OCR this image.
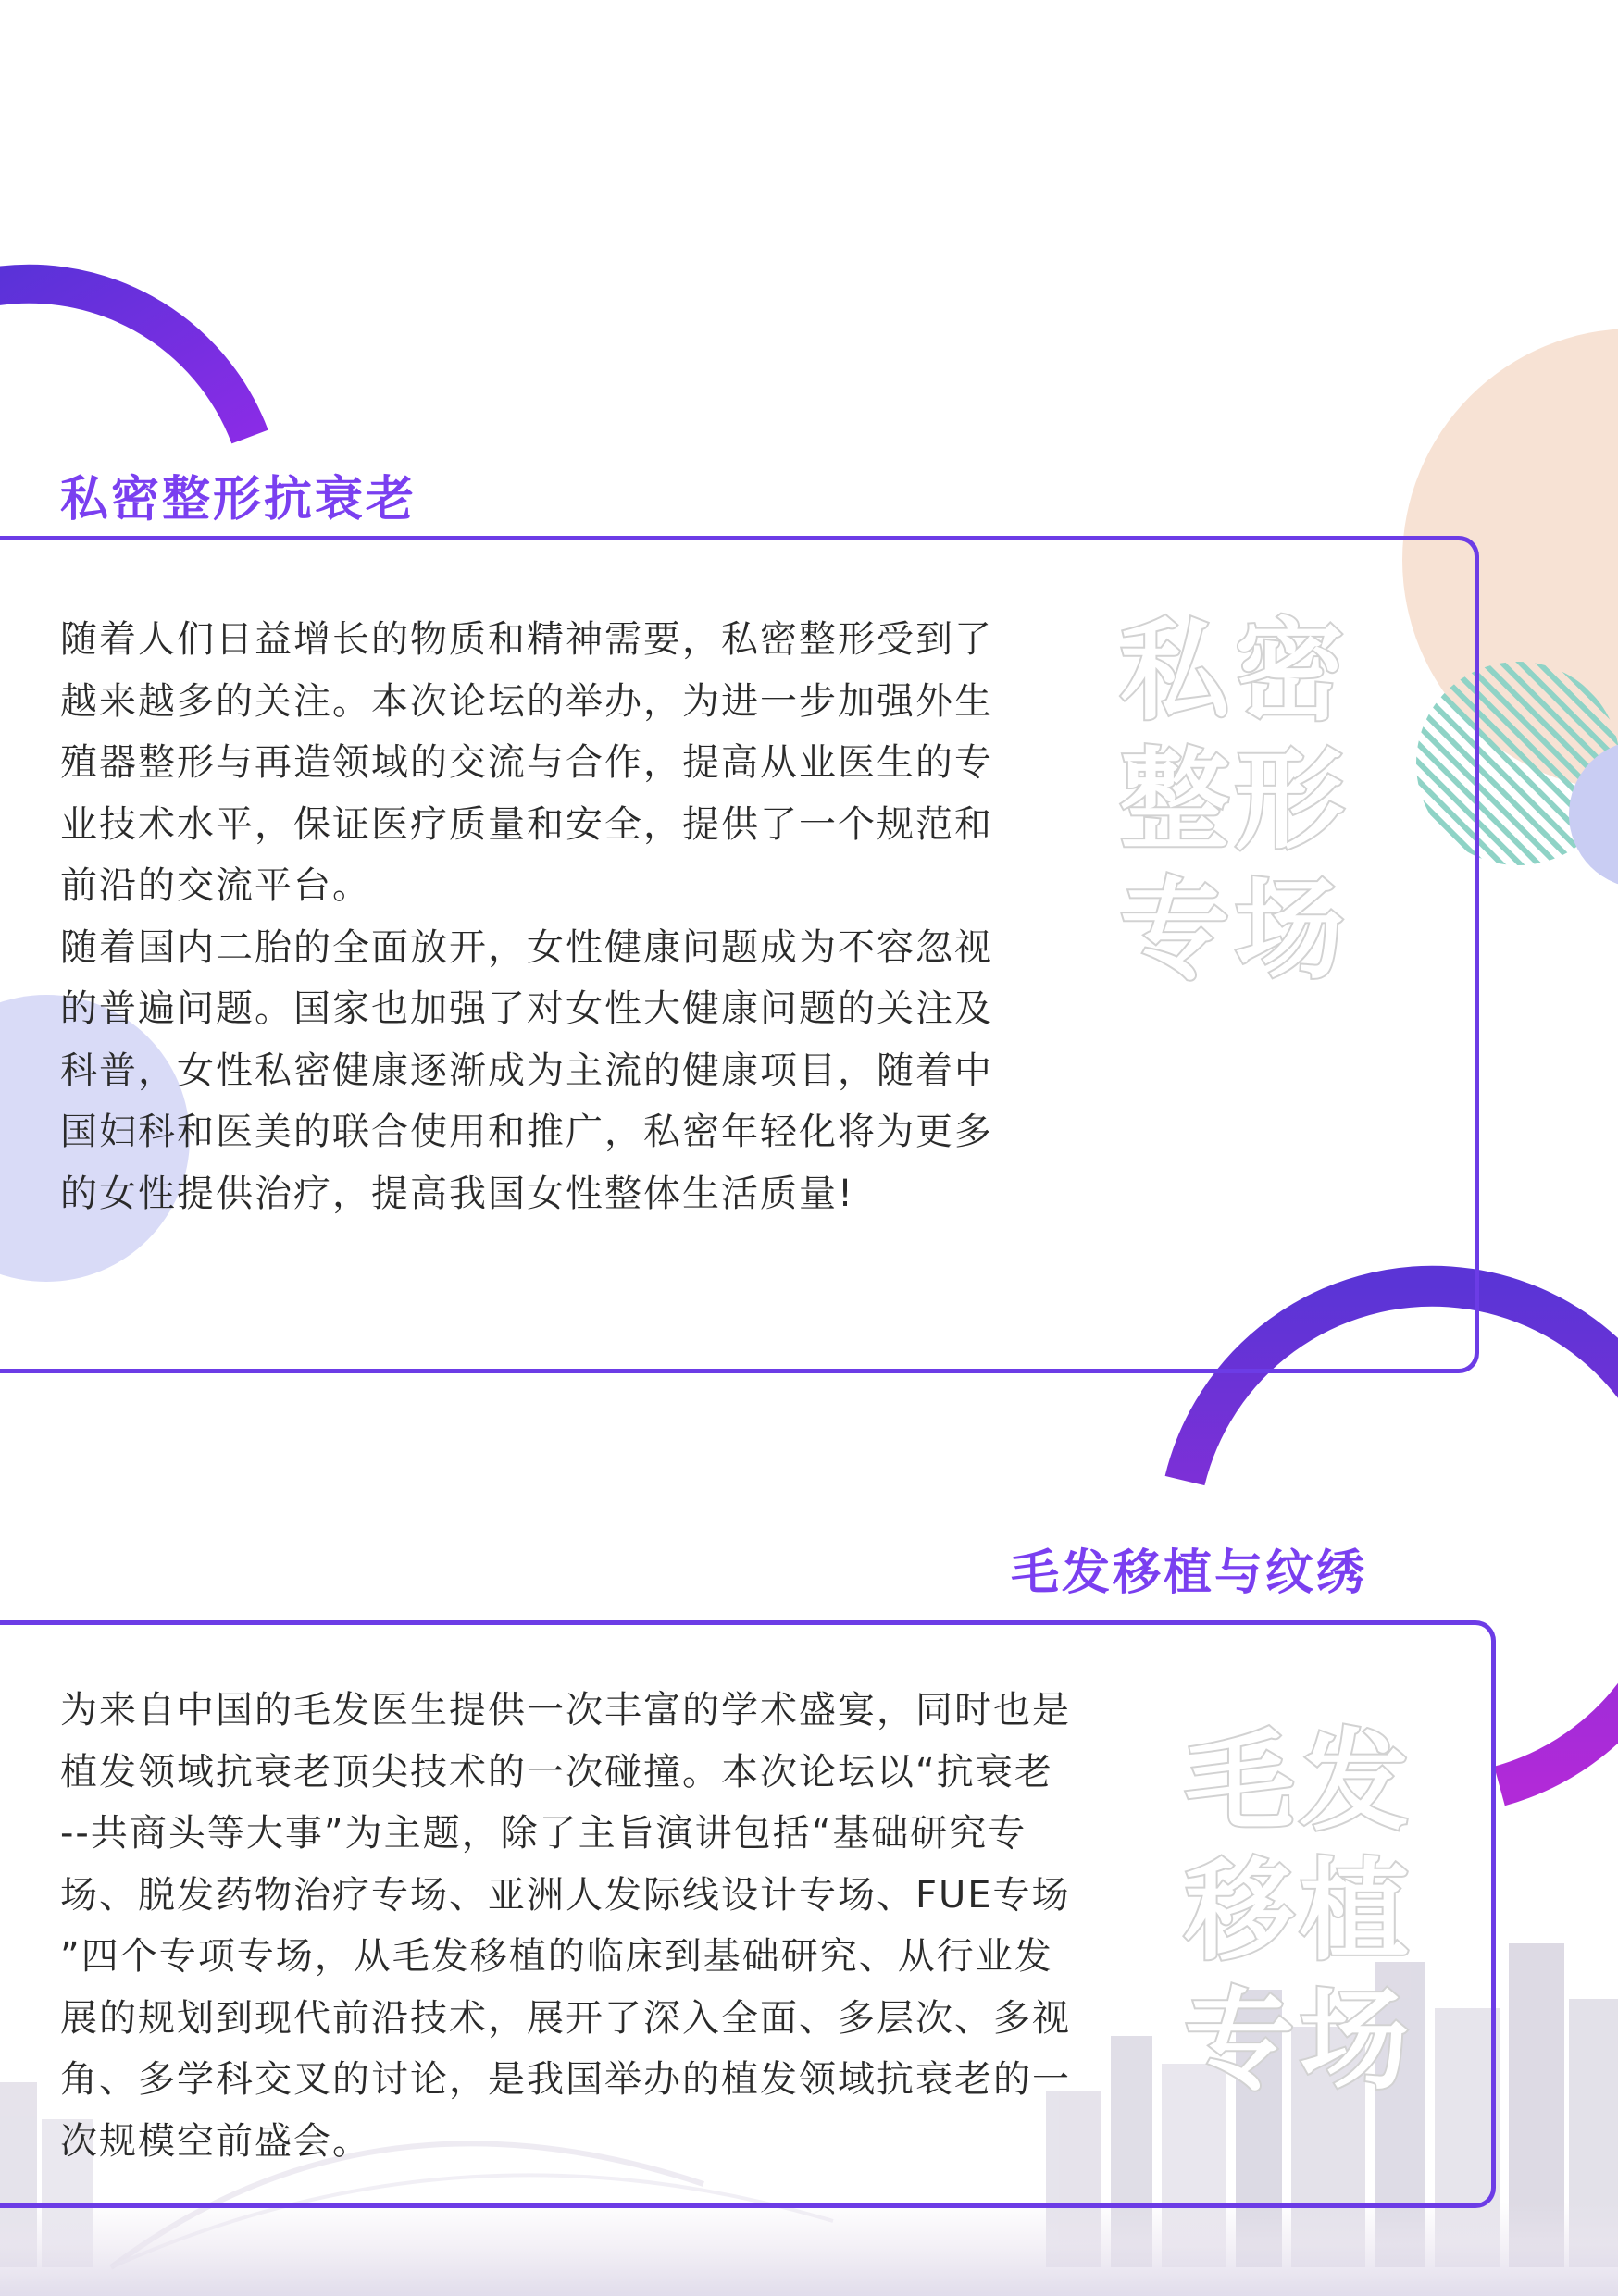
私密整形抗衰老

随着人们日益增长的物质和精神需要，私密整形受到了
越来越多的关注。本次论坛的举办，为进一步加强外生
殖器整形与再造领域的交流与合作，提高从业医生的专
业技术水平，保证医疗质量和安全，提供了一个规范和
前沿的交流平台。

随着国内二胎的全面放开，女性健康问题成为不容忽视
的普遍问题。国家也加强了对女性大健康问题的关注及
科普，女性私密健康逐渐成为主流的健康项目，随着中
国妇科和医美的联合使用和推广，私密年轻化将为更多
的女性提供治疗，提高我国女性整体生活质量!

私密
整形
专场
毛发移植与纹绣

为来自中国的毛发医生提供一次丰富的学术盛宴，同时也是
植发领域抗衰老顶尖技术的一次碰撞。本次论坛以“抗衰老
--共商头等大事”为主题，除了主旨演讲包括“基础研究专
场、脱发药物治疗专场、亚洲人发际线设计专场、FUE专场
”四个专项专场，从毛发移植的临床到基础研究、从行业发
展的规划到现代前沿技术，展开了深入全面、多层次、多视
角、多学科交叉的讨论，是我国举办的植发领域抗衰老的一
次规模空前盛会。

毛发
移植
专场
